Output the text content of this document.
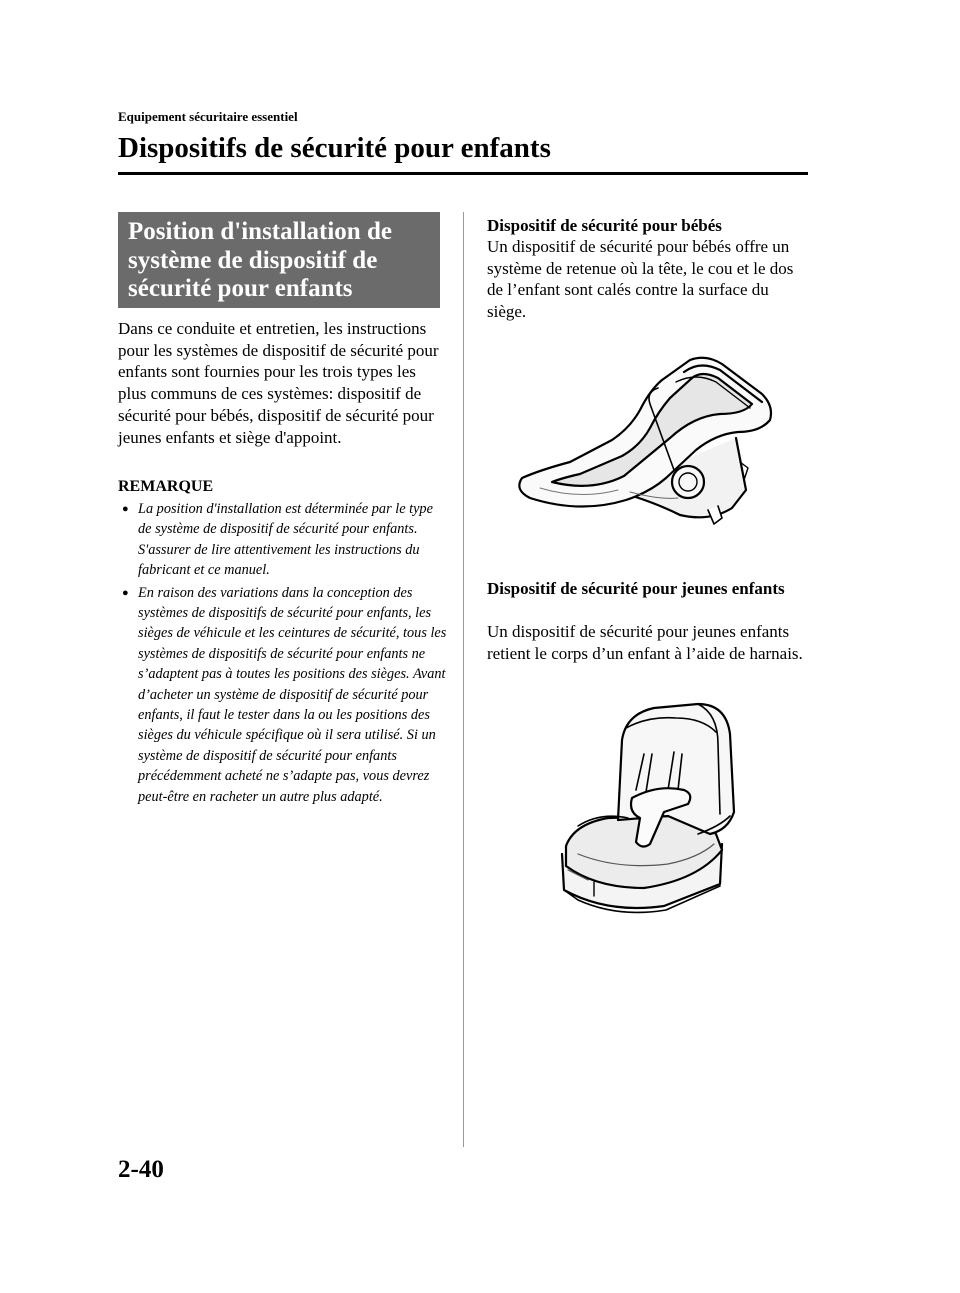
Equipement sécuritaire essentiel
Dispositifs de sécurité pour enfants
Position d'installation de système de dispositif de sécurité pour enfants

Dans ce conduite et entretien, les instructions pour les systèmes de dispositif de sécurité pour enfants sont fournies pour les trois types les plus communs de ces systèmes: dispositif de sécurité pour bébés, dispositif de sécurité pour jeunes enfants et siège d'appoint.

REMARQUE
● La position d'installation est déterminée par le type de système de dispositif de sécurité pour enfants. S'assurer de lire attentivement les instructions du fabricant et ce manuel.
● En raison des variations dans la conception des systèmes de dispositifs de sécurité pour enfants, les sièges de véhicule et les ceintures de sécurité, tous les systèmes de dispositifs de sécurité pour enfants ne s’adaptent pas à toutes les positions des sièges. Avant d’acheter un système de dispositif de sécurité pour enfants, il faut le tester dans la ou les positions des sièges du véhicule spécifique où il sera utilisé. Si un système de dispositif de sécurité pour enfants précédemment acheté ne s’adapte pas, vous devrez peut-être en racheter un autre plus adapté.
Dispositif de sécurité pour bébés

Un dispositif de sécurité pour bébés offre un système de retenue où la tête, le cou et le dos de l’enfant sont calés contre la surface du siège.

Dispositif de sécurité pour jeunes enfants

Un dispositif de sécurité pour jeunes enfants retient le corps d’un enfant à l’aide de harnais.

2-40
